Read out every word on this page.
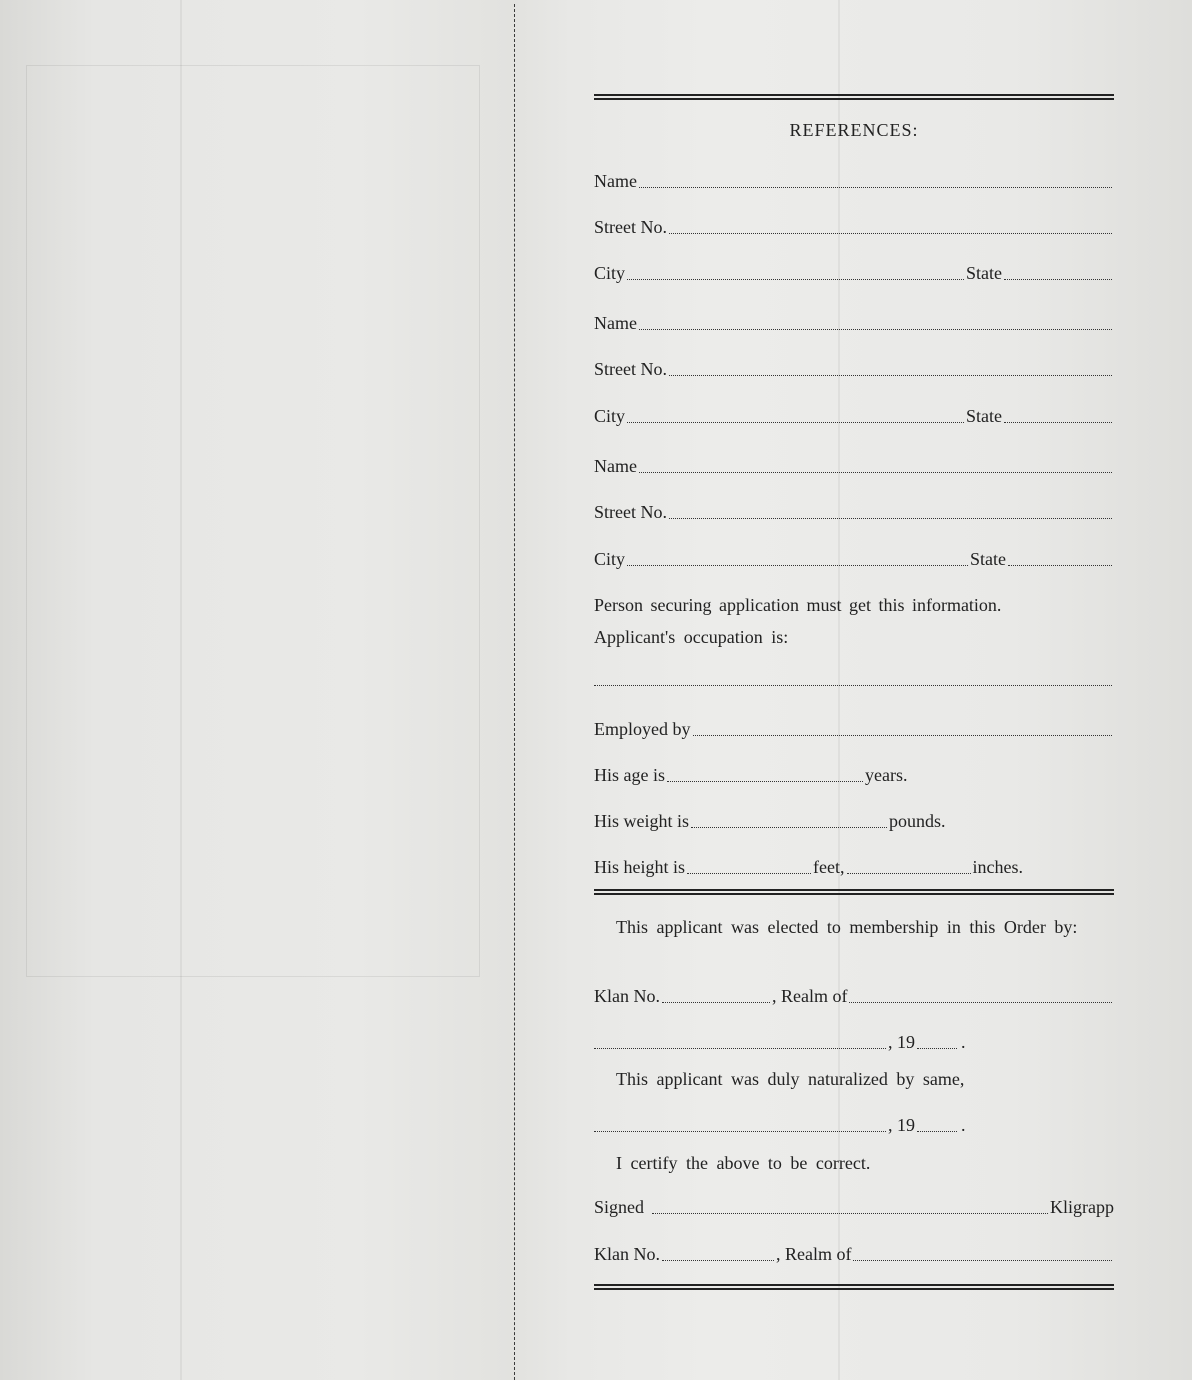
REFERENCES:
Name
Street No.
City	State
Name
Street No.
City	State
Name
Street No.
City	State
Person securing application must get this information.
Applicant's occupation is:
Employed by
His age is	years.
His weight is	pounds.
His height is	feet,	inches.
This applicant was elected to membership in this Order by:
Klan No.	, Realm of
, 19	.
This applicant was duly naturalized by same,
, 19	.
I certify the above to be correct.
Signed	Kligrapp
Klan No.	, Realm of
